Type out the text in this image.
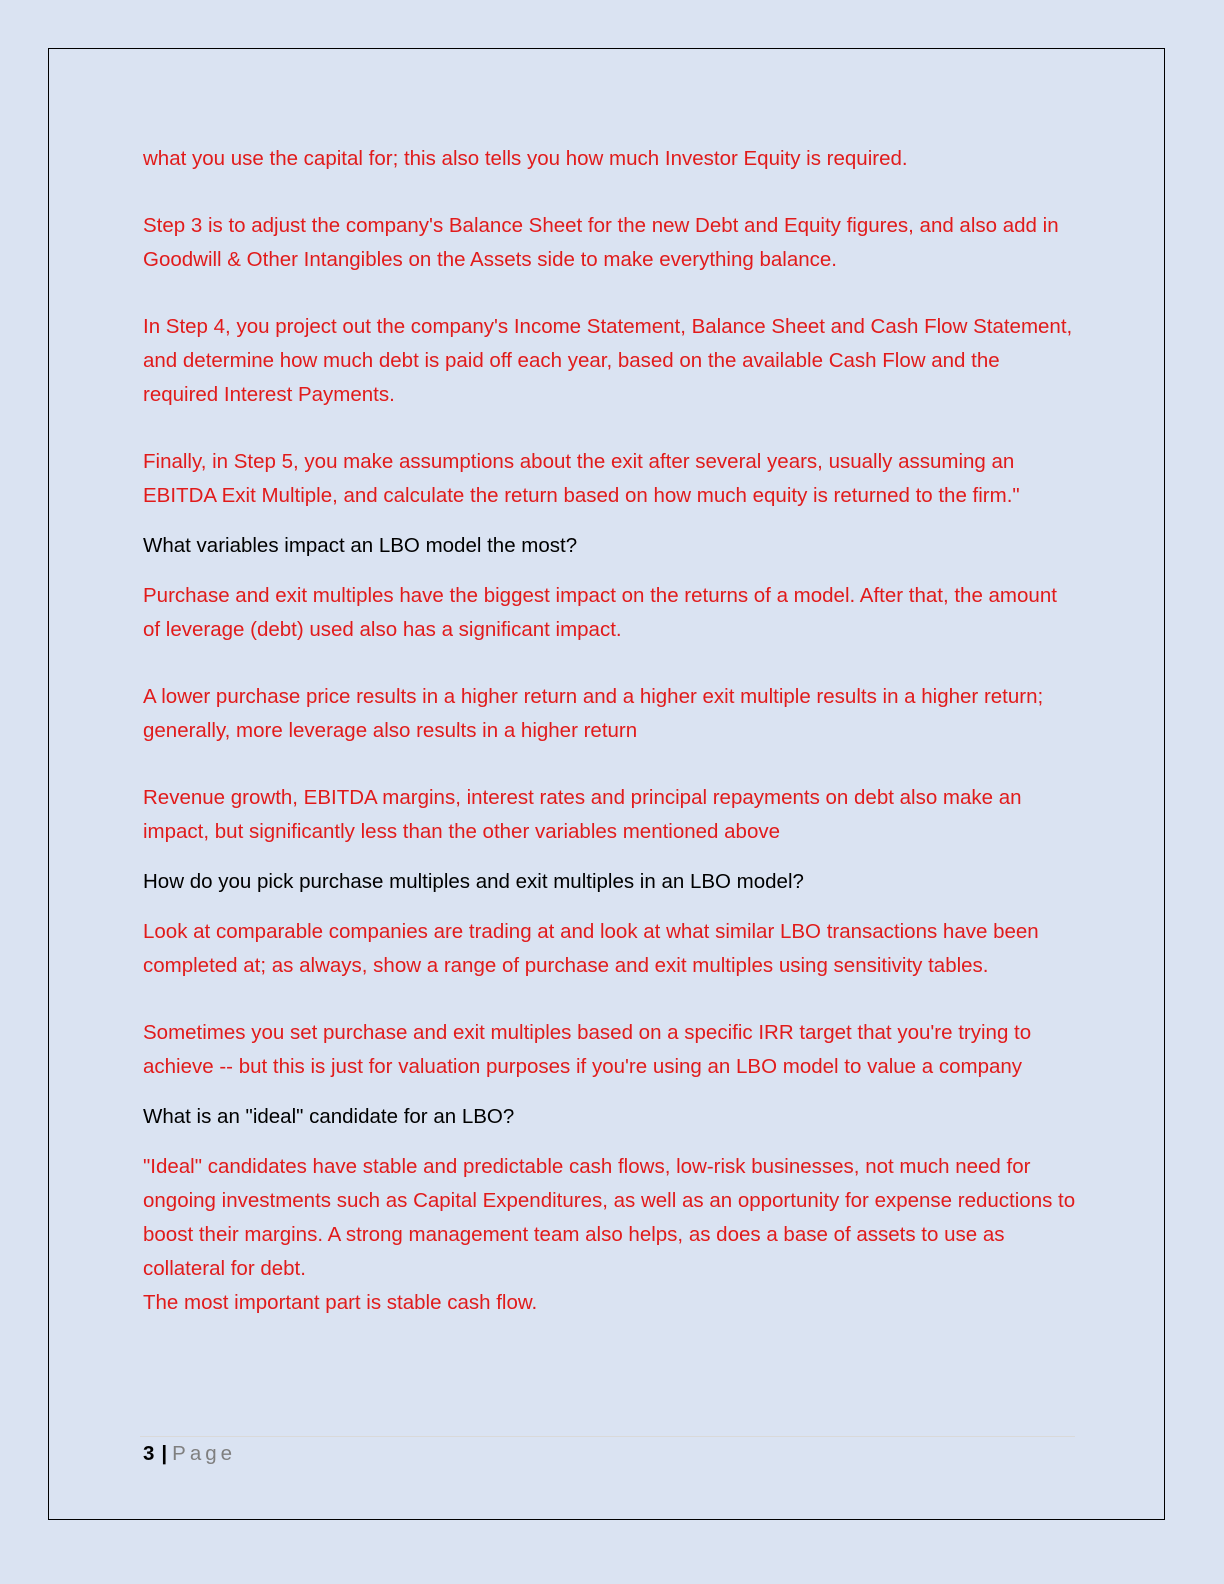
what you use the capital for; this also tells you how much Investor Equity is required.

Step 3 is to adjust the company's Balance Sheet for the new Debt and Equity figures, and also add in Goodwill & Other Intangibles on the Assets side to make everything balance.

In Step 4, you project out the company's Income Statement, Balance Sheet and Cash Flow Statement, and determine how much debt is paid off each year, based on the available Cash Flow and the required Interest Payments.

Finally, in Step 5, you make assumptions about the exit after several years, usually assuming an EBITDA Exit Multiple, and calculate the return based on how much equity is returned to the firm."

What variables impact an LBO model the most?

Purchase and exit multiples have the biggest impact on the returns of a model. After that, the amount of leverage (debt) used also has a significant impact.

A lower purchase price results in a higher return and a higher exit multiple results in a higher return; generally, more leverage also results in a higher return

Revenue growth, EBITDA margins, interest rates and principal repayments on debt also make an impact, but significantly less than the other variables mentioned above

How do you pick purchase multiples and exit multiples in an LBO model?

Look at comparable companies are trading at and look at what similar LBO transactions have been completed at; as always, show a range of purchase and exit multiples using sensitivity tables.

Sometimes you set purchase and exit multiples based on a specific IRR target that you're trying to achieve -- but this is just for valuation purposes if you're using an LBO model to value a company

What is an "ideal" candidate for an LBO?

"Ideal" candidates have stable and predictable cash flows, low-risk businesses, not much need for ongoing investments such as Capital Expenditures, as well as an opportunity for expense reductions to boost their margins. A strong management team also helps, as does a base of assets to use as collateral for debt.

The most important part is stable cash flow.

3 | Page
